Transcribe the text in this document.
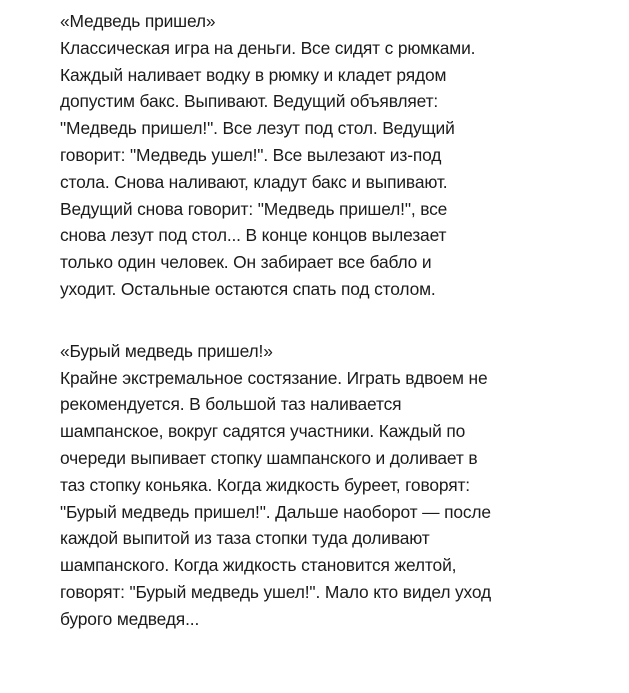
«Медведь пришел»
Классическая игра на деньги. Все сидят с рюмками.
Каждый наливает водку в рюмку и кладет рядом
допустим бакс. Выпивают. Ведущий объявляет:
"Медведь пришел!". Все лезут под стол. Ведущий
говорит: "Медведь ушел!". Все вылезают из-под
стола. Снова наливают, кладут бакс и выпивают.
Ведущий снова говорит: "Медведь пришел!", все
снова лезут под стол... В конце концов вылезает
только один человек. Он забирает все бабло и
уходит. Остальные остаются спать под столом.
«Бурый медведь пришел!»
Крайне экстремальное состязание. Играть вдвоем не
рекомендуется. В большой таз наливается
шампанское, вокруг садятся участники. Каждый по
очереди выпивает стопку шампанского и доливает в
таз стопку коньяка. Когда жидкость буреет, говорят:
"Бурый медведь пришел!". Дальше наоборот — после
каждой выпитой из таза стопки туда доливают
шампанского. Когда жидкость становится желтой,
говорят: "Бурый медведь ушел!". Мало кто видел уход
бурого медведя...
